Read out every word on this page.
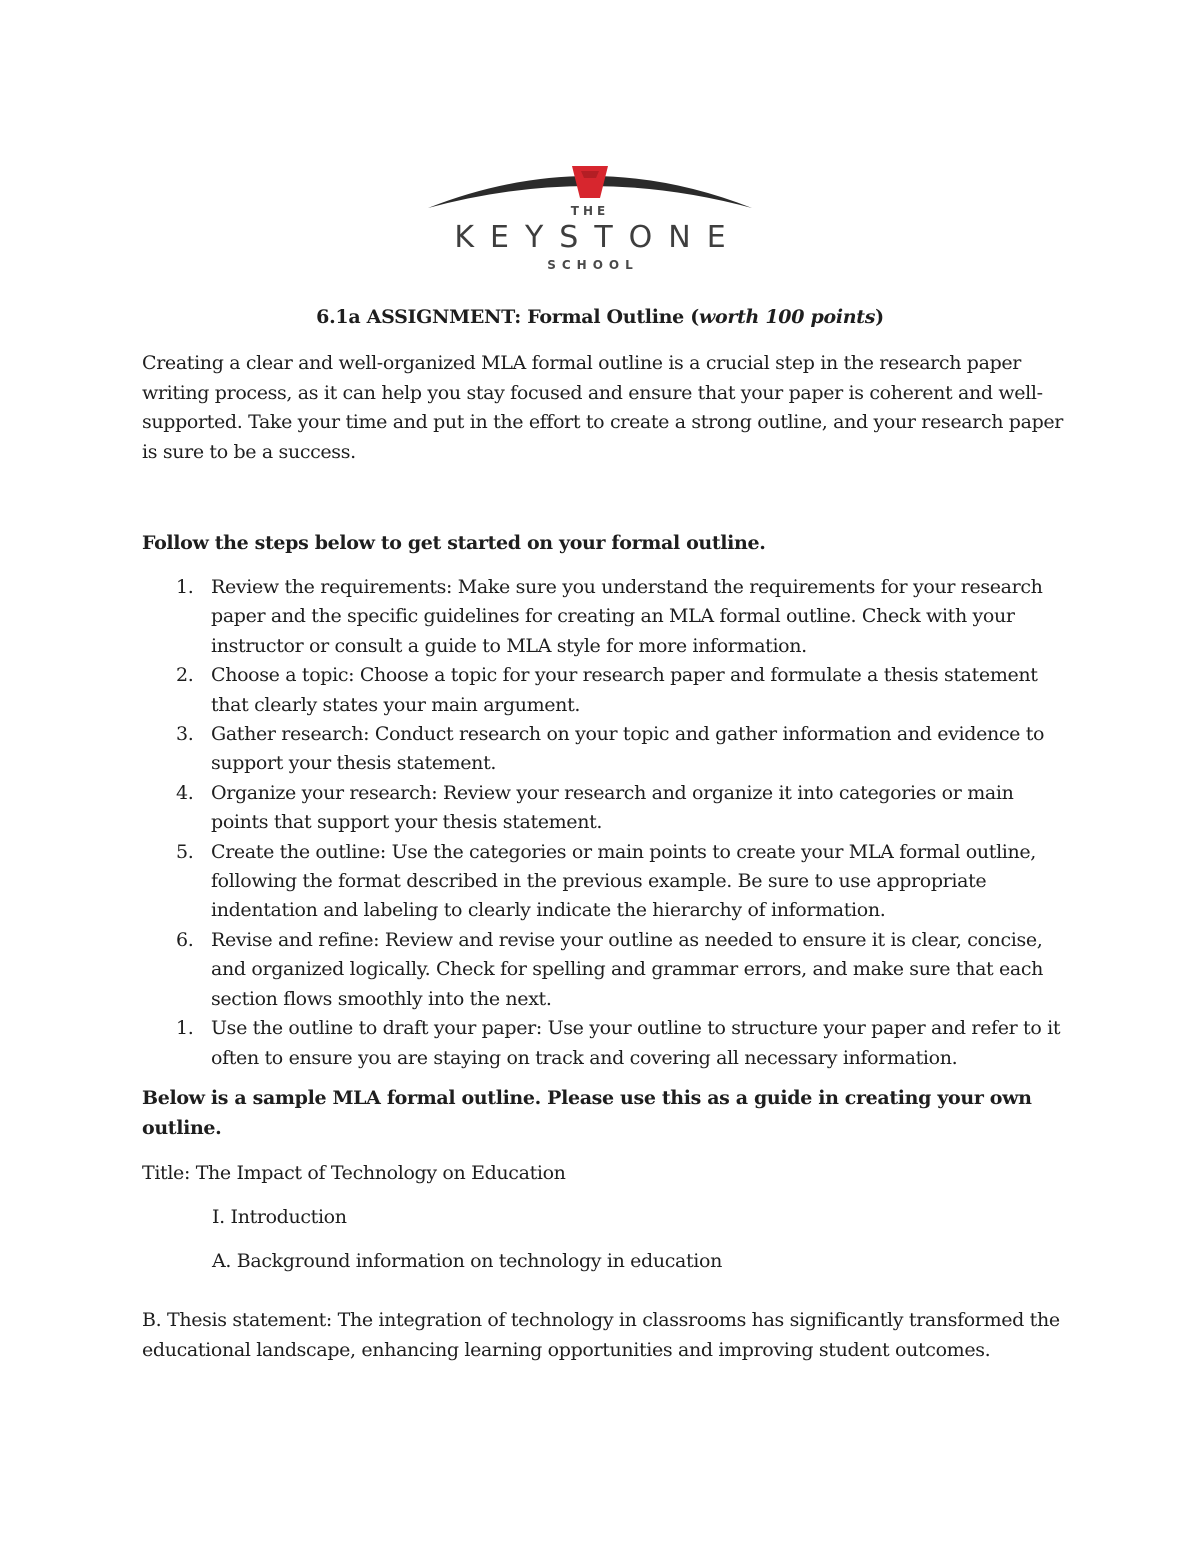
THE
KEYSTONE
SCHOOL
6.1a ASSIGNMENT: Formal Outline (worth 100 points)

Creating a clear and well-organized MLA formal outline is a crucial step in the research paper writing process, as it can help you stay focused and ensure that your paper is coherent and well-supported. Take your time and put in the effort to create a strong outline, and your research paper is sure to be a success.

Follow the steps below to get started on your formal outline.

1. Review the requirements: Make sure you understand the requirements for your research paper and the specific guidelines for creating an MLA formal outline. Check with your instructor or consult a guide to MLA style for more information.
2. Choose a topic: Choose a topic for your research paper and formulate a thesis statement that clearly states your main argument.
3. Gather research: Conduct research on your topic and gather information and evidence to support your thesis statement.
4. Organize your research: Review your research and organize it into categories or main points that support your thesis statement.
5. Create the outline: Use the categories or main points to create your MLA formal outline, following the format described in the previous example. Be sure to use appropriate indentation and labeling to clearly indicate the hierarchy of information.
6. Revise and refine: Review and revise your outline as needed to ensure it is clear, concise, and organized logically. Check for spelling and grammar errors, and make sure that each section flows smoothly into the next.
1. Use the outline to draft your paper: Use your outline to structure your paper and refer to it often to ensure you are staying on track and covering all necessary information.

Below is a sample MLA formal outline. Please use this as a guide in creating your own outline.

Title: The Impact of Technology on Education

I. Introduction

A. Background information on technology in education

B. Thesis statement: The integration of technology in classrooms has significantly transformed the educational landscape, enhancing learning opportunities and improving student outcomes.
